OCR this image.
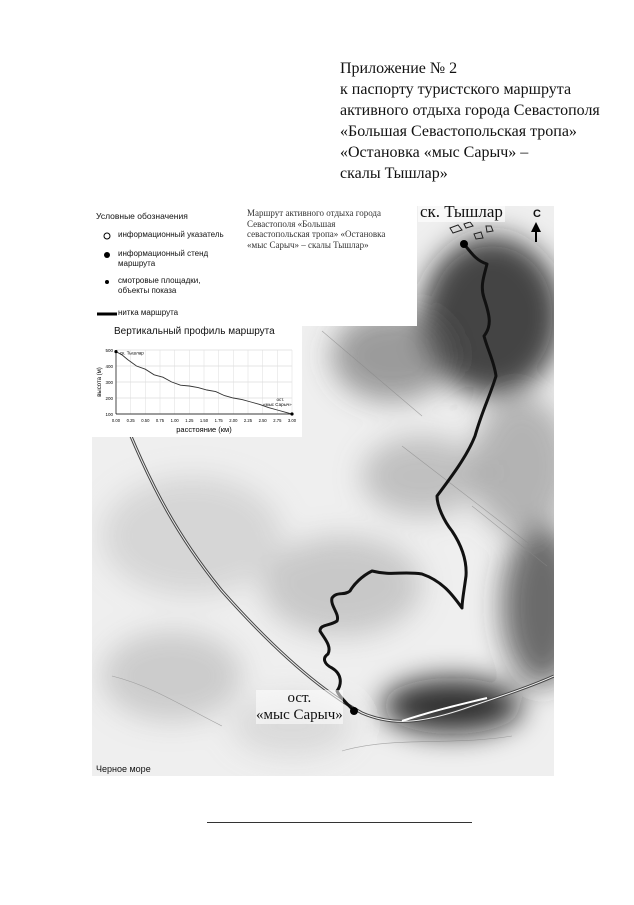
Приложение № 2
к паспорту туристского маршрута
активного отдыха города Севастополя
«Большая Севастопольская тропа»
«Остановка «мыс Сарыч» –
скалы Тышлар»
Условные обозначения
информационный указатель
информационный стенд маршрута
смотровые площадки, объекты показа
нитка маршрута
Маршрут активного отдыха города Севастополя «Большая севастопольская тропа» «Остановка «мыс Сарыч» – скалы Тышлар»
Вертикальный профиль маршрута
100
200
300
400
500
0.00 0.25 0.50 0.75 1.00 1.25 1.50 1.75 2.00 2.25 2.50 2.75 3.00
ск. Тышлар
ост.
«мыс Сарыч»
расстояние (км)
высота (м)
ск. Тышлар	С
ост.
«мыс Сарыч»
Черное море
